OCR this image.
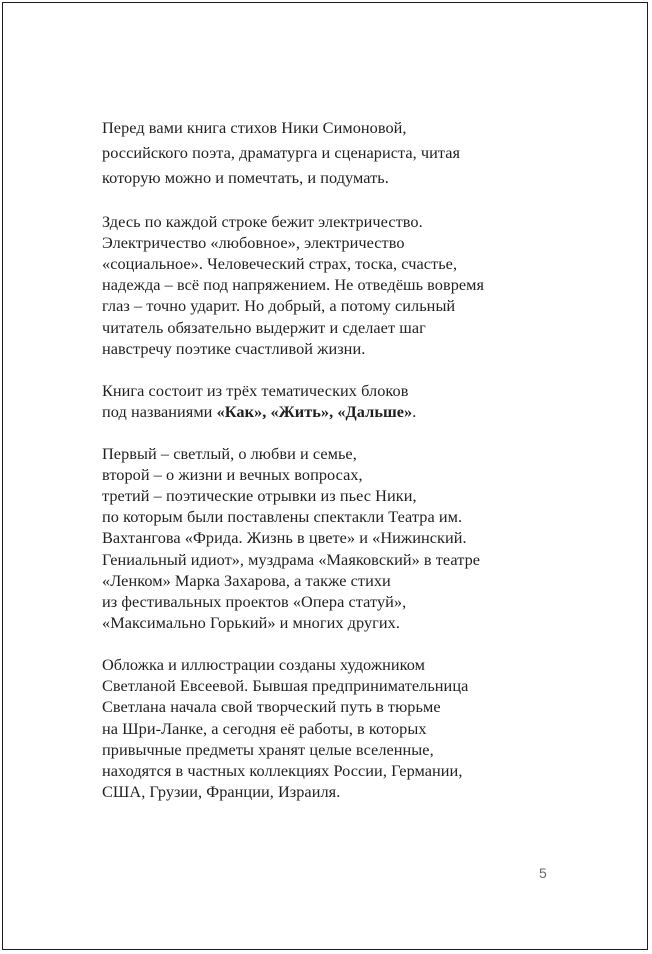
Перед вами книга стихов Ники Симоновой,
российского поэта, драматурга и сценариста, читая
которую можно и помечтать, и подумать.

Здесь по каждой строке бежит электричество.
Электричество «любовное», электричество
«социальное». Человеческий страх, тоска, счастье,
надежда – всё под напряжением. Не отведёшь вовремя
глаз – точно ударит. Но добрый, а потому сильный
читатель обязательно выдержит и сделает шаг
навстречу поэтике счастливой жизни.

Книга состоит из трёх тематических блоков
под названиями «Как», «Жить», «Дальше».

Первый – светлый, о любви и семье,
второй – о жизни и вечных вопросах,
третий – поэтические отрывки из пьес Ники,
по которым были поставлены спектакли Театра им.
Вахтангова «Фрида. Жизнь в цвете» и «Нижинский.
Гениальный идиот», муздрама «Маяковский» в театре
«Ленком» Марка Захарова, а также стихи
из фестивальных проектов «Опера статуй»,
«Максимально Горький» и многих других.

Обложка и иллюстрации созданы художником
Светланой Евсеевой. Бывшая предпринимательница
Светлана начала свой творческий путь в тюрьме
на Шри-Ланке, а сегодня её работы, в которых
привычные предметы хранят целые вселенные,
находятся в частных коллекциях России, Германии,
США, Грузии, Франции, Израиля.

5
